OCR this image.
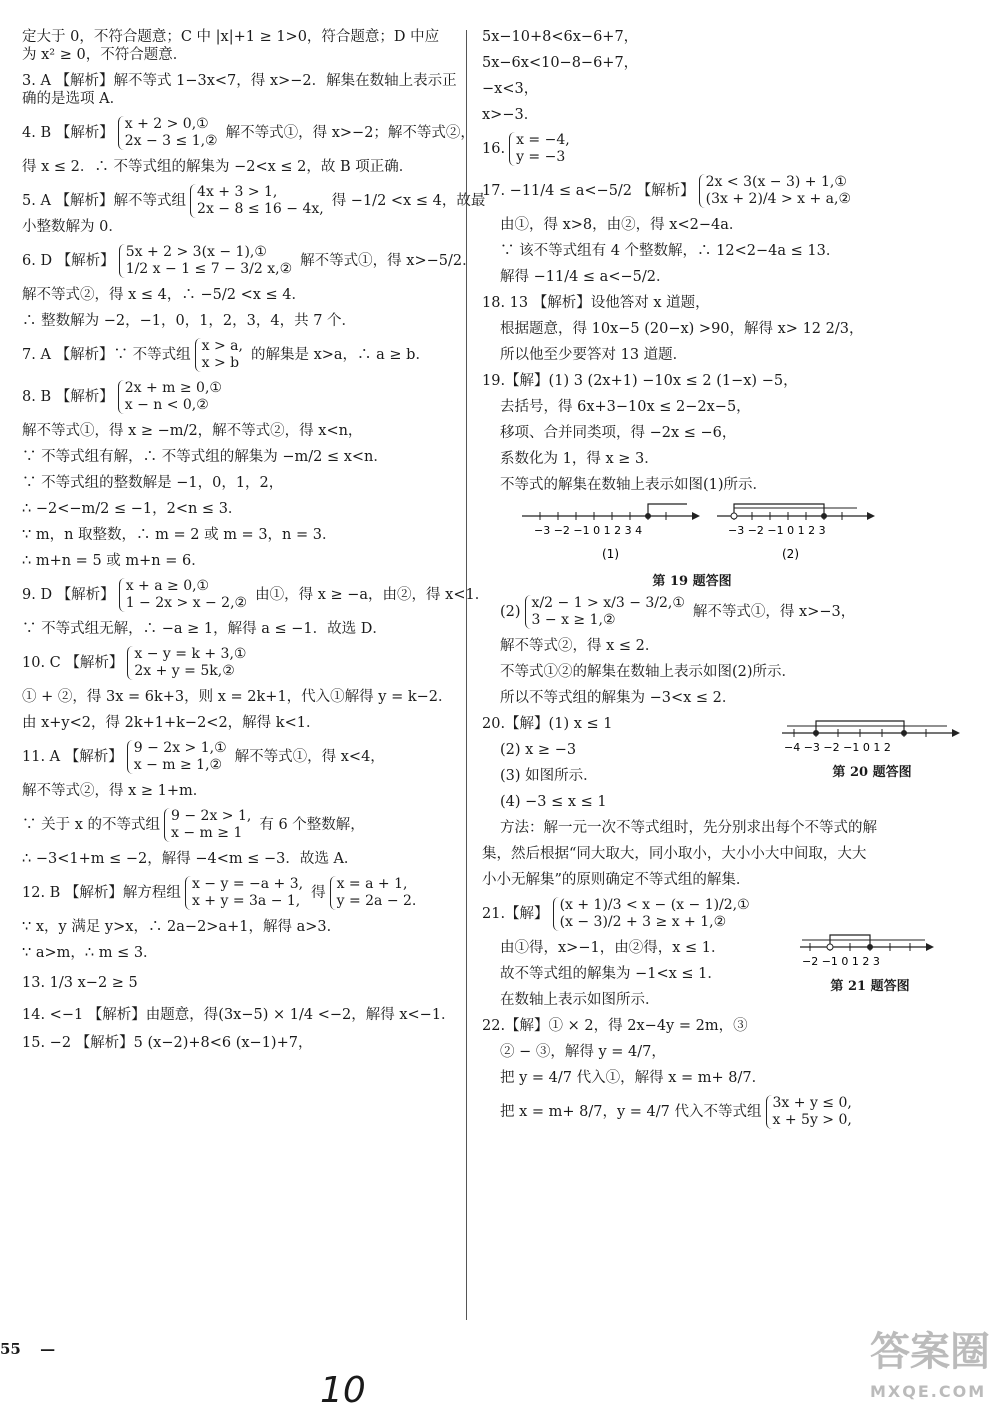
定大于 0，不符合题意；C 中 |x|+1 ≥ 1>0，符合题意；D 中应

为 x² ≥ 0，不符合题意．

3. A 【解析】解不等式 1−3x<7，得 x>−2．解集在数轴上表示正

确的是选项 A．

4. B 【解析】
x + 2 > 0,①
2x − 3 ≤ 1,② 解不等式①，得 x>−2；解不等式②，

得 x ≤ 2．∴ 不等式组的解集为 −2<x ≤ 2，故 B 项正确．

5. A 【解析】解不等式组
4x + 3 > 1,
2x − 8 ≤ 16 − 4x, 得 −1/2 <x ≤ 4，故最

小整数解为 0．

6. D 【解析】
5x + 2 > 3(x − 1),①
1/2 x − 1 ≤ 7 − 3/2 x,② 解不等式①，得 x>−5/2．

解不等式②，得 x ≤ 4，∴ −5/2 <x ≤ 4．

∴ 整数解为 −2，−1，0，1，2，3，4，共 7 个．

7. A 【解析】∵ 不等式组
x > a,
x > b 的解集是 x>a，∴ a ≥ b．
8. B 【解析】
2x + m ≥ 0,①
x − n < 0,②

解不等式①，得 x ≥ −m/2，解不等式②，得 x<n，

∵ 不等式组有解，∴ 不等式组的解集为 −m/2 ≤ x<n．

∵ 不等式组的整数解是 −1，0，1，2，

∴ −2<−m/2 ≤ −1，2<n ≤ 3．

∵ m，n 取整数，∴ m = 2 或 m = 3，n = 3．

∴ m+n = 5 或 m+n = 6．

9. D 【解析】
x + a ≥ 0,①
1 − 2x > x − 2,② 由①，得 x ≥ −a，由②，得 x<1．

∵ 不等式组无解，∴ −a ≥ 1，解得 a ≤ −1．故选 D．

10. C 【解析】
x − y = k + 3,①
2x + y = 5k,②

① + ②，得 3x = 6k+3，则 x = 2k+1，代入①解得 y = k−2．

由 x+y<2，得 2k+1+k−2<2，解得 k<1．

11. A 【解析】
9 − 2x > 1,①
x − m ≥ 1,② 解不等式①，得 x<4，

解不等式②，得 x ≥ 1+m．

∵ 关于 x 的不等式组
9 − 2x > 1,
x − m ≥ 1	有 6 个整数解，

∴ −3<1+m ≤ −2，解得 −4<m ≤ −3．故选 A．

12. B 【解析】解方程组
x − y = −a + 3,
x + y = 3a − 1, 得
x = a + 1,
y = 2a − 2.

∵ x，y 满足 y>x，∴ 2a−2>a+1，解得 a>3．

∵ a>m，∴ m ≤ 3．

13. 1/3 x−2 ≥ 5

14. <−1 【解析】由题意，得(3x−5) × 1/4 <−2，解得 x<−1．

15. −2 【解析】5 (x−2)+8<6 (x−1)+7，

5x−10+8<6x−6+7，

5x−6x<10−8−6+7，

−x<3，

x>−3．

16.
x = −4,
y = −3
17. −11/4 ≤ a<−5/2 【解析】
2x < 3(x − 3) + 1,①
(3x + 2)/4 > x + a,②

由①，得 x>8，由②，得 x<2−4a．

∵ 该不等式组有 4 个整数解，∴ 12<2−4a ≤ 13．

解得 −11/4 ≤ a<−5/2．

18. 13 【解析】设他答对 x 道题，

根据题意，得 10x−5 (20−x) >90，解得 x> 12 2/3，

所以他至少要答对 13 道题．

19.【解】(1) 3 (2x+1) −10x ≤ 2 (1−x) −5，

去括号，得 6x+3−10x ≤ 2−2x−5，

移项、合并同类项，得 −2x ≤ −6，

系数化为 1，得 x ≥ 3．

不等式的解集在数轴上表示如图(1)所示．

−3 −2 −1 0 1 2 3 4
(1)
−3 −2 −1 0 1 2 3
(2)
第 19 题答图
(2)
x/2 − 1 > x/3 − 3/2,①
3 − x ≥ 1,②	解不等式①，得 x>−3，

解不等式②，得 x ≤ 2．

不等式①②的解集在数轴上表示如图(2)所示．

所以不等式组的解集为 −3<x ≤ 2．

20.【解】(1) x ≤ 1

(2) x ≥ −3

(3) 如图所示．

(4) −3 ≤ x ≤ 1

−4 −3 −2 −1 0 1 2
第 20 题答图

方法：解一元一次不等式组时，先分别求出每个不等式的解

集，然后根据“同大取大，同小取小，大小小大中间取，大大

小小无解集”的原则确定不等式组的解集．

21.【解】
(x + 1)/3 < x − (x − 1)/2,①
(x − 3)/2 + 3 ≥ x + 1,②

由①得，x>−1，由②得，x ≤ 1．

故不等式组的解集为 −1<x ≤ 1．

在数轴上表示如图所示．

−2 −1 0 1 2 3
第 21 题答图

22.【解】① × 2，得 2x−4y = 2m，③

② − ③，解得 y = 4/7，

把 y = 4/7 代入①，解得 x = m+ 8/7．

把 x = m+ 8/7，y = 4/7 代入不等式组
3x + y ≤ 0,
x + 5y > 0,
55 —
10
答案圈
MXQE.COM
